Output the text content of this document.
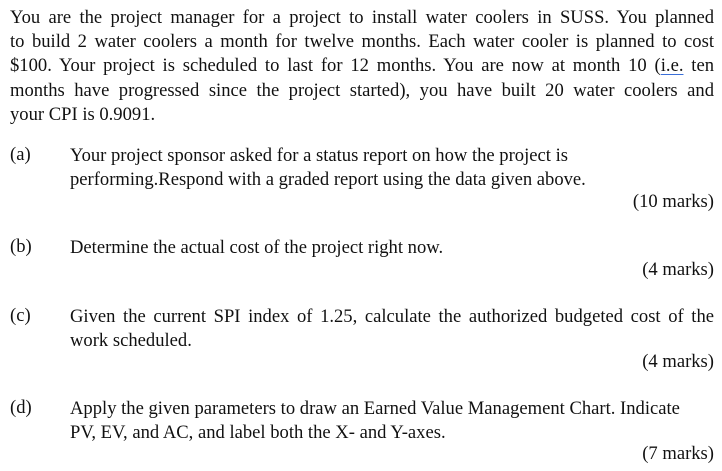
You are the project manager for a project to install water coolers in SUSS. You planned
to build 2 water coolers a month for twelve months. Each water cooler is planned to cost
$100. Your project is scheduled to last for 12 months. You are now at month 10 (i.e. ten
months have progressed since the project started), you have built 20 water coolers and
your CPI is 0.9091.
(a) Your project sponsor asked for a status report on how the project is performing.Respond with a graded report using the data given above.
(10 marks)
(b) Determine the actual cost of the project right now.
(4 marks)
(c) Given the current SPI index of 1.25, calculate the authorized budgeted cost of the work scheduled.
(4 marks)
(d) Apply the given parameters to draw an Earned Value Management Chart. Indicate PV, EV, and AC, and label both the X- and Y-axes.
(7 marks)
